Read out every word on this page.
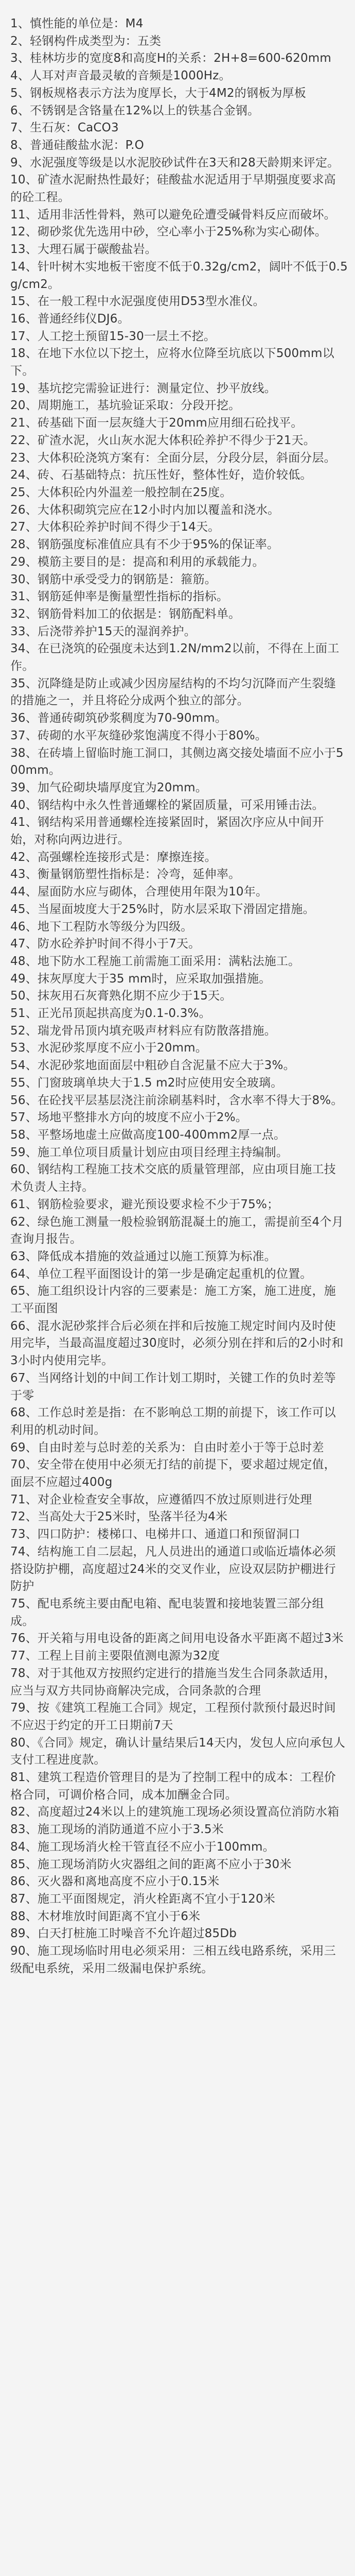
1、慎性能的单位是：M4
2、轻钢构件成类型为：五类
3、桂林坊步的宽度8和高度H的关系：2H+8=600-620mm
4、人耳对声音最灵敏的音频是1000Hz。
5、钢板规格表示方法为度厚长，大于4M2的钢板为厚板
6、不锈钢是含铬量在12%以上的铁基合金钢。
7、生石灰：CaCO3
8、普通硅酸盐水泥：P.O
9、水泥强度等级是以水泥胶砂试件在3天和28天龄期来评定。
10、矿渣水泥耐热性最好；硅酸盐水泥适用于早期强度要求高的砼工程。
11、适用非活性骨料，熟可以避免砼遭受碱骨料反应而破坏。
12、砌砂浆优先选用中砂，空心率小于25%称为实心砌体。
13、大理石属于碳酸盐岩。
14、针叶树木实地板干密度不低于0.32g/cm2，阔叶不低于0.5g/cm2。
15、在一般工程中水泥强度使用D53型水准仪。
16、普通经纬仪DJ6。
17、人工挖土预留15-30一层土不挖。
18、在地下水位以下挖土，应将水位降至坑底以下500mm以下。
19、基坑挖完需验证进行：测量定位、抄平放线。
20、周期施工，基坑验证采取：分段开挖。
21、砖基础下面一层灰缝大于20mm应用细石砼找平。
22、矿渣水泥，火山灰水泥大体积砼养护不得少于21天。
23、大体积砼浇筑方案有：全面分层，分段分层，斜面分层。
24、砖、石基础特点：抗压性好，整体性好，造价较低。
25、大体积砼内外温差一般控制在25度。
26、大体积砌筑完应在12小时内加以覆盖和浇水。
27、大体积砼养护时间不得少于14天。
28、钢筋强度标准值应具有不少于95%的保证率。
29、模筋主要目的是：提高和利用的承载能力。
30、钢筋中承受受力的钢筋是：箍筋。
31、钢筋延伸率是衡量塑性指标的指标。
32、钢筋骨料加工的依据是：钢筋配料单。
33、后浇带养护15天的湿润养护。
34、在已浇筑的砼强度未达到1.2N/mm2以前，不得在上面工作。
35、沉降缝是防止或减少因房屋结构的不均匀沉降而产生裂缝的措施之一，并且将砼分成两个独立的部分。
36、普通砖砌筑砂浆稠度为70-90mm。
37、砖砌的水平灰缝砂浆饱满度不得小于80%。
38、在砖墙上留临时施工洞口，其侧边离交接处墙面不应小于500mm。
39、加气砼砌块墙厚度宜为20mm。
40、钢结构中永久性普通螺栓的紧固质量，可采用锤击法。
41、钢结构采用普通螺栓连接紧固时，紧固次序应从中间开始，对称向两边进行。
42、高强螺栓连接形式是：摩擦连接。
43、衡量钢筋塑性指标是：冷弯，延伸率。
44、屋面防水应与砌体，合理使用年限为10年。
45、当屋面坡度大于25%时，防水层采取下滑固定措施。
46、地下工程防水等级分为四级。
47、防水砼养护时间不得小于7天。
48、地下防水工程施工前需施工面采用：满粘法施工。
49、抹灰厚度大于35 mm时，应采取加强措施。
50、抹灰用石灰膏熟化期不应少于15天。
51、正光吊顶起拱高度为0.1-0.3%。
52、瑞龙骨吊顶内填充吸声材料应有防散落措施。
53、水泥砂浆厚度不应小于20mm。
54、水泥砂浆地面面层中粗砂自含泥量不应大于3%。
55、门窗玻璃单块大于1.5 m2时应使用安全玻璃。
56、在砼找平层基层浇注前涂刷基料时，含水率不得大于8%。
57、场地平整排水方向的坡度不应小于2%。
58、平整场地虚土应做高度100-400mm2厚一点。
59、施工单位项目质量计划应由项目经理主持编制。
60、钢结构工程施工技术交底的质量管理部，应由项目施工技术负责人主持。
61、钢筋检验要求，避光预设要求检不少于75%；
62、绿色施工测量一般检验钢筋混凝土的施工，需提前至4个月查询月报告。
63、降低成本措施的效益通过以施工预算为标准。
64、单位工程平面图设计的第一步是确定起重机的位置。
65、施工组织设计内容的三要素是：施工方案，施工进度，施工平面图
66、混水泥砂浆拌合后必须在拌和后按施工规定时间内及时使用完毕，当最高温度超过30度时，必须分别在拌和后的2小时和3小时内使用完毕。
67、当网络计划的中间工作计划工期时，关键工作的负时差等于零
68、工作总时差是指：在不影响总工期的前提下，该工作可以利用的机动时间。
69、自由时差与总时差的关系为：自由时差小于等于总时差
70、安全带在使用中必须无打结的前提下，要求超过规定值，面层不应超过400g
71、对企业检查安全事故，应遵循四不放过原则进行处理
72、当高处大于25米时，坠落半径为4米
73、四口防护：楼梯口、电梯井口、通道口和预留洞口
74、结构施工自二层起，凡人员进出的通道口或临近墙体必须搭设防护棚，高度超过24米的交叉作业，应设双层防护棚进行防护
75、配电系统主要由配电箱、配电装置和接地装置三部分组成。
76、开关箱与用电设备的距离之间用电设备水平距离不超过3米
77、工程上目前主要限值测电源为32度
78、对于其他双方按照约定进行的措施当发生合同条款适用，应当与双方共同协商解决完成，合同条款的合理
79、按《建筑工程施工合同》规定，工程预付款预付最迟时间不应迟于约定的开工日期前7天
80、《合同》规定，确认计量结果后14天内，发包人应向承包人支付工程进度款。
81、建筑工程造价管理目的是为了控制工程中的成本：工程价格合同，可调价格合同，成本加酬金合同。
82、高度超过24米以上的建筑施工现场必须设置高位消防水箱
83、施工现场的消防通道不应小于3.5米
84、施工现场消火栓干管直径不应小于100mm。
85、施工现场消防火灾器组之间的距离不应小于30米
86、灭火器和离地高度不应小于0.15米
87、施工平面图规定，消火栓距离不宜小于120米
88、木材堆放时间距离不宜小于6米
89、白天打桩施工时噪音不允许超过85Db
90、施工现场临时用电必须采用：三相五线电路系统，采用三级配电系统，采用二级漏电保护系统。
